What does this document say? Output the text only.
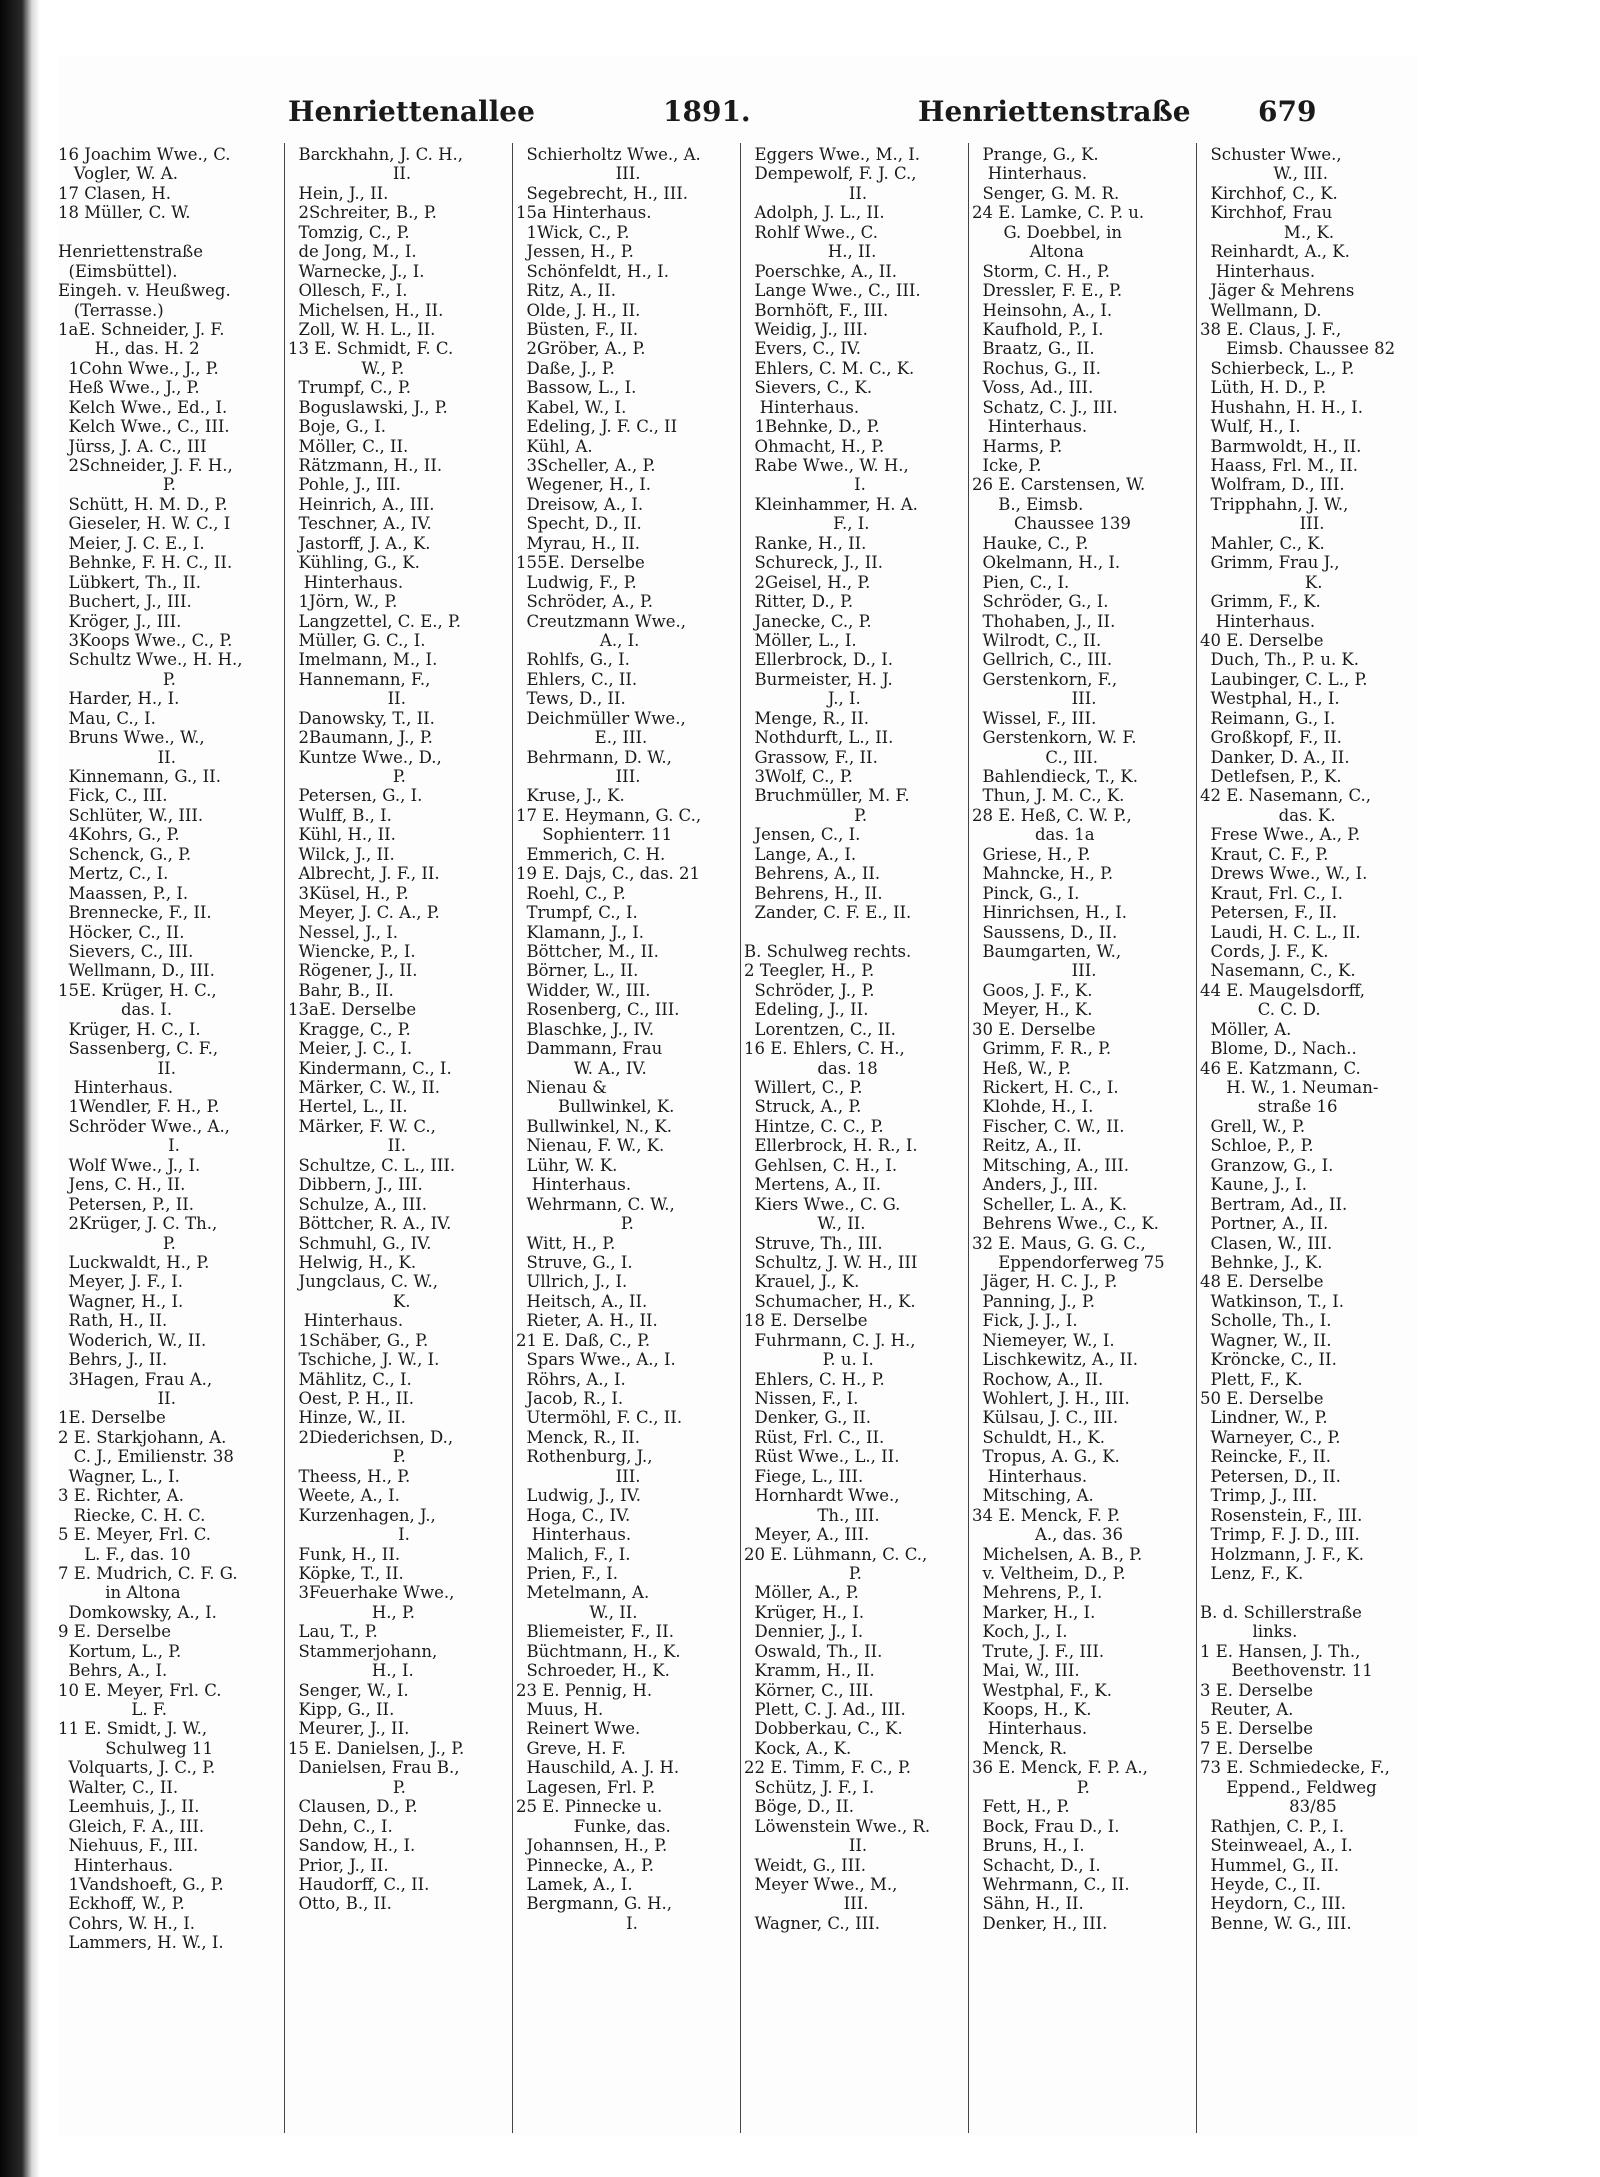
Henriettenallee	1891.	Henriettenstraße 679
16 Joachim Wwe., C.
Vogler, W. A.
17 Clasen, H.
18 Müller, C. W.
Henriettenstraße
(Eimsbüttel).
Eingeh. v. Heußweg.
(Terrasse.)
1aE. Schneider, J. F.
H., das. H. 2
1Cohn Wwe., J., P.
Heß Wwe., J., P.
Kelch Wwe., Ed., I.
Kelch Wwe., C., III.
Jürss, J. A. C., III
2Schneider, J. F. H.,
P.
Schütt, H. M. D., P.
Gieseler, H. W. C., I
Meier, J. C. E., I.
Behnke, F. H. C., II.
Lübkert, Th., II.
Buchert, J., III.
Kröger, J., III.
3Koops Wwe., C., P.
Schultz Wwe., H. H.,
P.
Harder, H., I.
Mau, C., I.
Bruns Wwe., W.,
II.
Kinnemann, G., II.
Fick, C., III.
Schlüter, W., III.
4Kohrs, G., P.
Schenck, G., P.
Mertz, C., I.
Maassen, P., I.
Brennecke, F., II.
Höcker, C., II.
Sievers, C., III.
Wellmann, D., III.
15E. Krüger, H. C.,
das. I.
Krüger, H. C., I.
Sassenberg, C. F.,
II.
Hinterhaus.
1Wendler, F. H., P.
Schröder Wwe., A.,
I.
Wolf Wwe., J., I.
Jens, C. H., II.
Petersen, P., II.
2Krüger, J. C. Th.,
P.
Luckwaldt, H., P.
Meyer, J. F., I.
Wagner, H., I.
Rath, H., II.
Woderich, W., II.
Behrs, J., II.
3Hagen, Frau A.,
II.
1E. Derselbe
2 E. Starkjohann, A.
C. J., Emilienstr. 38
Wagner, L., I.
3 E. Richter, A.
Riecke, C. H. C.
5 E. Meyer, Frl. C.
L. F., das. 10
7 E. Mudrich, C. F. G.
in Altona
Domkowsky, A., I.
9 E. Derselbe
Kortum, L., P.
Behrs, A., I.
10 E. Meyer, Frl. C.
L. F.
11 E. Smidt, J. W.,
Schulweg 11
Volquarts, J. C., P.
Walter, C., II.
Leemhuis, J., II.
Gleich, F. A., III.
Niehuus, F., III.
Hinterhaus.
1Vandshoeft, G., P.
Eckhoff, W., P.
Cohrs, W. H., I.
Lammers, H. W., I.
Barckhahn, J. C. H.,
II.
Hein, J., II.
2Schreiter, B., P.
Tomzig, C., P.
de Jong, M., I.
Warnecke, J., I.
Ollesch, F., I.
Michelsen, H., II.
Zoll, W. H. L., II.
13 E. Schmidt, F. C.
W., P.
Trumpf, C., P.
Boguslawski, J., P.
Boje, G., I.
Möller, C., II.
Rätzmann, H., II.
Pohle, J., III.
Heinrich, A., III.
Teschner, A., IV.
Jastorff, J. A., K.
Kühling, G., K.
Hinterhaus.
1Jörn, W., P.
Langzettel, C. E., P.
Müller, G. C., I.
Imelmann, M., I.
Hannemann, F.,
II.
Danowsky, T., II.
2Baumann, J., P.
Kuntze Wwe., D.,
P.
Petersen, G., I.
Wulff, B., I.
Kühl, H., II.
Wilck, J., II.
Albrecht, J. F., II.
3Küsel, H., P.
Meyer, J. C. A., P.
Nessel, J., I.
Wiencke, P., I.
Rögener, J., II.
Bahr, B., II.
13aE. Derselbe
Kragge, C., P.
Meier, J. C., I.
Kindermann, C., I.
Märker, C. W., II.
Hertel, L., II.
Märker, F. W. C.,
II.
Schultze, C. L., III.
Dibbern, J., III.
Schulze, A., III.
Böttcher, R. A., IV.
Schmuhl, G., IV.
Helwig, H., K.
Jungclaus, C. W.,
K.
Hinterhaus.
1Schäber, G., P.
Tschiche, J. W., I.
Mählitz, C., I.
Oest, P. H., II.
Hinze, W., II.
2Diederichsen, D.,
P.
Theess, H., P.
Weete, A., I.
Kurzenhagen, J.,
I.
Funk, H., II.
Köpke, T., II.
3Feuerhake Wwe.,
H., P.
Lau, T., P.
Stammerjohann,
H., I.
Senger, W., I.
Kipp, G., II.
Meurer, J., II.
15 E. Danielsen, J., P.
Danielsen, Frau B.,
P.
Clausen, D., P.
Dehn, C., I.
Sandow, H., I.
Prior, J., II.
Haudorff, C., II.
Otto, B., II.
Schierholtz Wwe., A.
III.
Segebrecht, H., III.
15a Hinterhaus.
1Wick, C., P.
Jessen, H., P.
Schönfeldt, H., I.
Ritz, A., II.
Olde, J. H., II.
Büsten, F., II.
2Gröber, A., P.
Daße, J., P.
Bassow, L., I.
Kabel, W., I.
Edeling, J. F. C., II
Kühl, A.
3Scheller, A., P.
Wegener, H., I.
Dreisow, A., I.
Specht, D., II.
Myrau, H., II.
155E. Derselbe
Ludwig, F., P.
Schröder, A., P.
Creutzmann Wwe.,
A., I.
Rohlfs, G., I.
Ehlers, C., II.
Tews, D., II.
Deichmüller Wwe.,
E., III.
Behrmann, D. W.,
III.
Kruse, J., K.
17 E. Heymann, G. C.,
Sophienterr. 11
Emmerich, C. H.
19 E. Dajs, C., das. 21
Roehl, C., P.
Trumpf, C., I.
Klamann, J., I.
Böttcher, M., II.
Börner, L., II.
Widder, W., III.
Rosenberg, C., III.
Blaschke, J., IV.
Dammann, Frau
W. A., IV.
Nienau &
Bullwinkel, K.
Bullwinkel, N., K.
Nienau, F. W., K.
Lühr, W. K.
Hinterhaus.
Wehrmann, C. W.,
P.
Witt, H., P.
Struve, G., I.
Ullrich, J., I.
Heitsch, A., II.
Rieter, A. H., II.
21 E. Daß, C., P.
Spars Wwe., A., I.
Röhrs, A., I.
Jacob, R., I.
Utermöhl, F. C., II.
Menck, R., II.
Rothenburg, J.,
III.
Ludwig, J., IV.
Hoga, C., IV.
Hinterhaus.
Malich, F., I.
Prien, F., I.
Metelmann, A.
W., II.
Bliemeister, F., II.
Büchtmann, H., K.
Schroeder, H., K.
23 E. Pennig, H.
Muus, H.
Reinert Wwe.
Greve, H. F.
Hauschild, A. J. H.
Lagesen, Frl. P.
25 E. Pinnecke u.
Funke, das.
Johannsen, H., P.
Pinnecke, A., P.
Lamek, A., I.
Bergmann, G. H.,
I.
Eggers Wwe., M., I.
Dempewolf, F. J. C.,
II.
Adolph, J. L., II.
Rohlf Wwe., C.
H., II.
Poerschke, A., II.
Lange Wwe., C., III.
Bornhöft, F., III.
Weidig, J., III.
Evers, C., IV.
Ehlers, C. M. C., K.
Sievers, C., K.
Hinterhaus.
1Behnke, D., P.
Ohmacht, H., P.
Rabe Wwe., W. H.,
I.
Kleinhammer, H. A.
F., I.
Ranke, H., II.
Schureck, J., II.
2Geisel, H., P.
Ritter, D., P.
Janecke, C., P.
Möller, L., I.
Ellerbrock, D., I.
Burmeister, H. J.
J., I.
Menge, R., II.
Nothdurft, L., II.
Grassow, F., II.
3Wolf, C., P.
Bruchmüller, M. F.
P.
Jensen, C., I.
Lange, A., I.
Behrens, A., II.
Behrens, H., II.
Zander, C. F. E., II.
B. Schulweg rechts.
2 Teegler, H., P.
Schröder, J., P.
Edeling, J., II.
Lorentzen, C., II.
16 E. Ehlers, C. H.,
das. 18
Willert, C., P.
Struck, A., P.
Hintze, C. C., P.
Ellerbrock, H. R., I.
Gehlsen, C. H., I.
Mertens, A., II.
Kiers Wwe., C. G.
W., II.
Struve, Th., III.
Schultz, J. W. H., III
Krauel, J., K.
Schumacher, H., K.
18 E. Derselbe
Fuhrmann, C. J. H.,
P. u. I.
Ehlers, C. H., P.
Nissen, F., I.
Denker, G., II.
Rüst, Frl. C., II.
Rüst Wwe., L., II.
Fiege, L., III.
Hornhardt Wwe.,
Th., III.
Meyer, A., III.
20 E. Lühmann, C. C.,
P.
Möller, A., P.
Krüger, H., I.
Dennier, J., I.
Oswald, Th., II.
Kramm, H., II.
Körner, C., III.
Plett, C. J. Ad., III.
Dobberkau, C., K.
Kock, A., K.
22 E. Timm, F. C., P.
Schütz, J. F., I.
Böge, D., II.
Löwenstein Wwe., R.
II.
Weidt, G., III.
Meyer Wwe., M.,
III.
Wagner, C., III.
Prange, G., K.
Hinterhaus.
Senger, G. M. R.
24 E. Lamke, C. P. u.
G. Doebbel, in
Altona
Storm, C. H., P.
Dressler, F. E., P.
Heinsohn, A., I.
Kaufhold, P., I.
Braatz, G., II.
Rochus, G., II.
Voss, Ad., III.
Schatz, C. J., III.
Hinterhaus.
Harms, P.
Icke, P.
26 E. Carstensen, W.
B., Eimsb.
Chaussee 139
Hauke, C., P.
Okelmann, H., I.
Pien, C., I.
Schröder, G., I.
Thohaben, J., II.
Wilrodt, C., II.
Gellrich, C., III.
Gerstenkorn, F.,
III.
Wissel, F., III.
Gerstenkorn, W. F.
C., III.
Bahlendieck, T., K.
Thun, J. M. C., K.
28 E. Heß, C. W. P.,
das. 1a
Griese, H., P.
Mahncke, H., P.
Pinck, G., I.
Hinrichsen, H., I.
Saussens, D., II.
Baumgarten, W.,
III.
Goos, J. F., K.
Meyer, H., K.
30 E. Derselbe
Grimm, F. R., P.
Heß, W., P.
Rickert, H. C., I.
Klohde, H., I.
Fischer, C. W., II.
Reitz, A., II.
Mitsching, A., III.
Anders, J., III.
Scheller, L. A., K.
Behrens Wwe., C., K.
32 E. Maus, G. G. C.,
Eppendorferweg 75
Jäger, H. C. J., P.
Panning, J., P.
Fick, J. J., I.
Niemeyer, W., I.
Lischkewitz, A., II.
Rochow, A., II.
Wohlert, J. H., III.
Külsau, J. C., III.
Schuldt, H., K.
Tropus, A. G., K.
Hinterhaus.
Mitsching, A.
34 E. Menck, F. P.
A., das. 36
Michelsen, A. B., P.
v. Veltheim, D., P.
Mehrens, P., I.
Marker, H., I.
Koch, J., I.
Trute, J. F., III.
Mai, W., III.
Westphal, F., K.
Koops, H., K.
Hinterhaus.
Menck, R.
36 E. Menck, F. P. A.,
P.
Fett, H., P.
Bock, Frau D., I.
Bruns, H., I.
Schacht, D., I.
Wehrmann, C., II.
Sähn, H., II.
Denker, H., III.
Schuster Wwe.,
W., III.
Kirchhof, C., K.
Kirchhof, Frau
M., K.
Reinhardt, A., K.
Hinterhaus.
Jäger & Mehrens
Wellmann, D.
38 E. Claus, J. F.,
Eimsb. Chaussee 82
Schierbeck, L., P.
Lüth, H. D., P.
Hushahn, H. H., I.
Wulf, H., I.
Barmwoldt, H., II.
Haass, Frl. M., II.
Wolfram, D., III.
Tripphahn, J. W.,
III.
Mahler, C., K.
Grimm, Frau J.,
K.
Grimm, F., K.
Hinterhaus.
40 E. Derselbe
Duch, Th., P. u. K.
Laubinger, C. L., P.
Westphal, H., I.
Reimann, G., I.
Großkopf, F., II.
Danker, D. A., II.
Detlefsen, P., K.
42 E. Nasemann, C.,
das. K.
Frese Wwe., A., P.
Kraut, C. F., P.
Drews Wwe., W., I.
Kraut, Frl. C., I.
Petersen, F., II.
Laudi, H. C. L., II.
Cords, J. F., K.
Nasemann, C., K.
44 E. Maugelsdorff,
C. C. D.
Möller, A.
Blome, D., Nach..
46 E. Katzmann, C.
H. W., 1. Neuman-
straße 16
Grell, W., P.
Schloe, P., P.
Granzow, G., I.
Kaune, J., I.
Bertram, Ad., II.
Portner, A., II.
Clasen, W., III.
Behnke, J., K.
48 E. Derselbe
Watkinson, T., I.
Scholle, Th., I.
Wagner, W., II.
Kröncke, C., II.
Plett, F., K.
50 E. Derselbe
Lindner, W., P.
Warneyer, C., P.
Reincke, F., II.
Petersen, D., II.
Trimp, J., III.
Rosenstein, F., III.
Trimp, F. J. D., III.
Holzmann, J. F., K.
Lenz, F., K.
B. d. Schillerstraße
links.
1 E. Hansen, J. Th.,
Beethovenstr. 11
3 E. Derselbe
Reuter, A.
5 E. Derselbe
7 E. Derselbe
73 E. Schmiedecke, F.,
Eppend., Feldweg
83/85
Rathjen, C. P., I.
Steinweael, A., I.
Hummel, G., II.
Heyde, C., II.
Heydorn, C., III.
Benne, W. G., III.
